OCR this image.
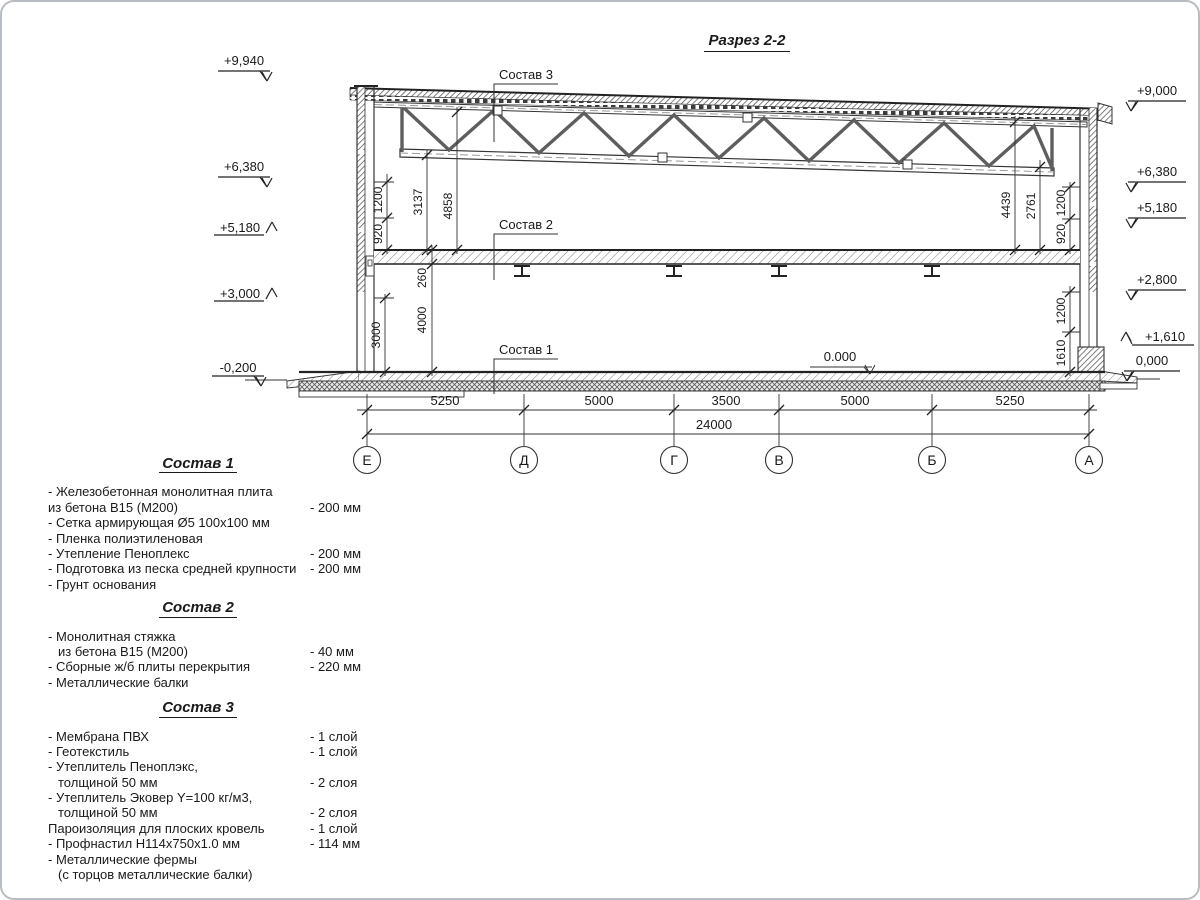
Разрез 2-2
Состав 3
Состав 2
Состав 1	0.000
+9,940
+6,380
+5,180
+3,000
-0,200
+9,000
+6,380
+5,180
+2,800
+1,610
0,000
1200
920
3137 4858
260
4000
3000
4439 2761 1200
920
1200
1610
5250	5000	3500	5000	5250
24000
Е	Д	Г	В	Б	А
Состав 1
- Железобетонная монолитная плита
из бетона В15 (М200)	- 200 мм
- Сетка армирующая Ø5 100х100 мм
- Пленка полиэтиленовая
- Утепление Пеноплекс	- 200 мм
- Подготовка из песка средней крупности - 200 мм
- Грунт основания
Состав 2
- Монолитная стяжка
из бетона В15 (М200)	- 40 мм
- Сборные ж/б плиты перекрытия	- 220 мм
- Металлические балки
Состав 3
- Мембрана ПВХ	- 1 слой
- Геотекстиль	- 1 слой
- Утеплитель Пеноплэкс,
толщиной 50 мм	- 2 слоя
- Утеплитель Эковер Y=100 кг/м3,
толщиной 50 мм	- 2 слоя
Пароизоляция для плоских кровель	- 1 слой
- Профнастил Н114х750х1.0 мм	- 114 мм
- Металлические фермы
(с торцов металлические балки)
